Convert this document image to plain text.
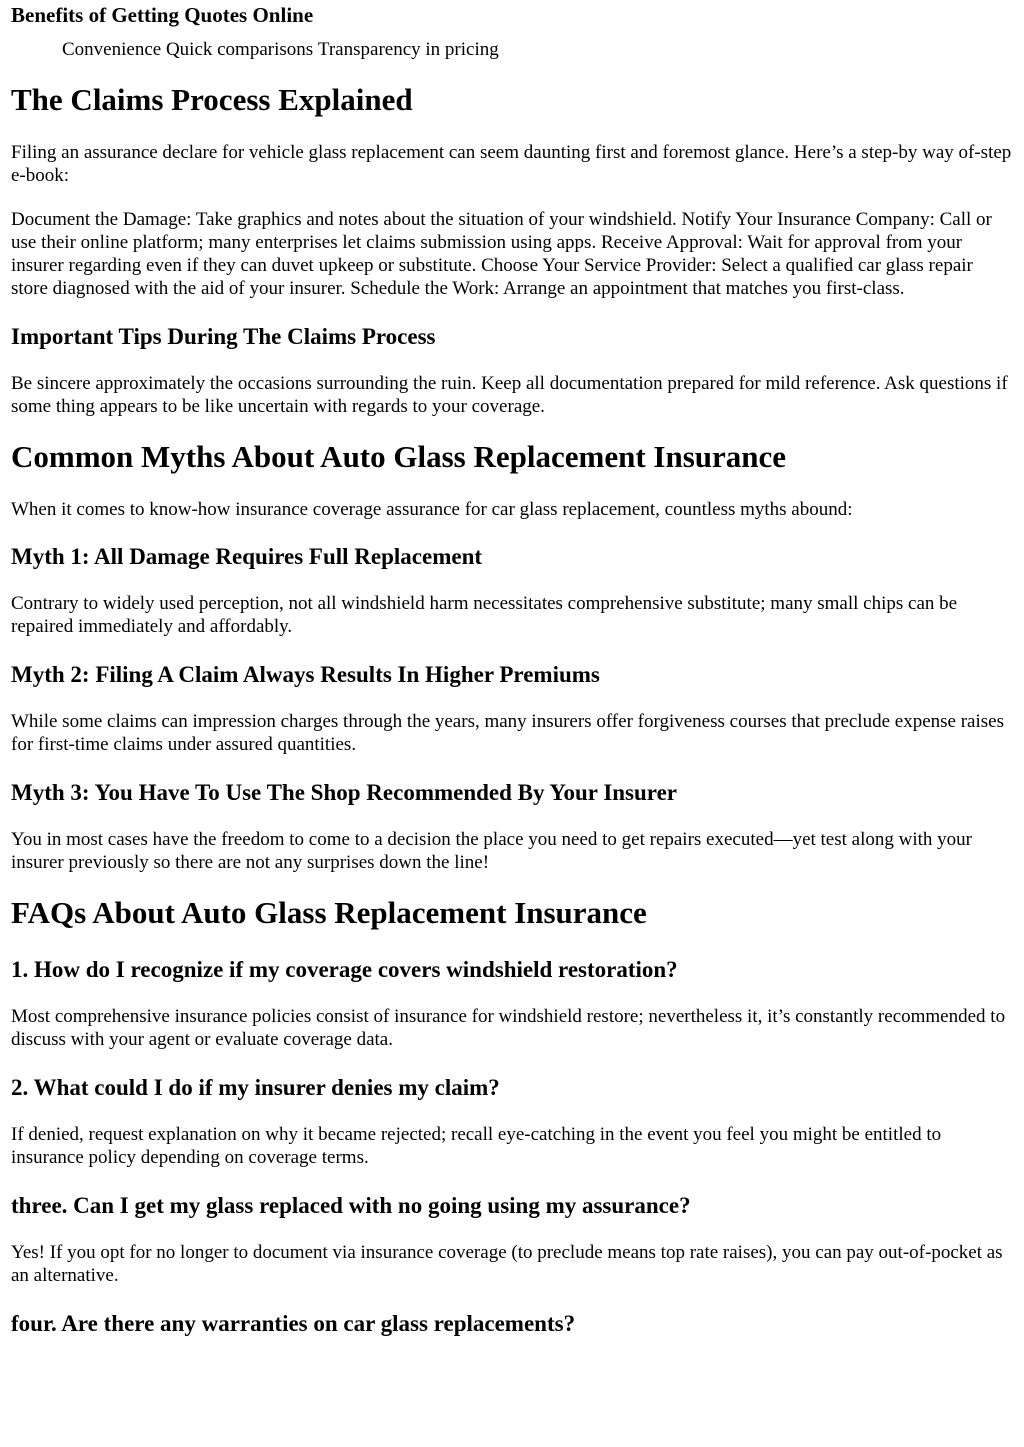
Benefits of Getting Quotes Online
Convenience Quick comparisons Transparency in pricing
The Claims Process Explained

Filing an assurance declare for vehicle glass replacement can seem daunting first and foremost glance. Here’s a step-by way of-step e-book:

Document the Damage: Take graphics and notes about the situation of your windshield. Notify Your Insurance Company: Call or use their online platform; many enterprises let claims submission using apps. Receive Approval: Wait for approval from your insurer regarding even if they can duvet upkeep or substitute. Choose Your Service Provider: Select a qualified car glass repair store diagnosed with the aid of your insurer. Schedule the Work: Arrange an appointment that matches you first-class.

Important Tips During The Claims Process

Be sincere approximately the occasions surrounding the ruin. Keep all documentation prepared for mild reference. Ask questions if some thing appears to be like uncertain with regards to your coverage.

Common Myths About Auto Glass Replacement Insurance

When it comes to know-how insurance coverage assurance for car glass replacement, countless myths abound:

Myth 1: All Damage Requires Full Replacement

Contrary to widely used perception, not all windshield harm necessitates comprehensive substitute; many small chips can be repaired immediately and affordably.

Myth 2: Filing A Claim Always Results In Higher Premiums

While some claims can impression charges through the years, many insurers offer forgiveness courses that preclude expense raises for first-time claims under assured quantities.

Myth 3: You Have To Use The Shop Recommended By Your Insurer

You in most cases have the freedom to come to a decision the place you need to get repairs executed—yet test along with your insurer previously so there are not any surprises down the line!

FAQs About Auto Glass Replacement Insurance
1. How do I recognize if my coverage covers windshield restoration?

Most comprehensive insurance policies consist of insurance for windshield restore; nevertheless it, it’s constantly recommended to discuss with your agent or evaluate coverage data.

2. What could I do if my insurer denies my claim?

If denied, request explanation on why it became rejected; recall eye-catching in the event you feel you might be entitled to insurance policy depending on coverage terms.

three. Can I get my glass replaced with no going using my assurance?

Yes! If you opt for no longer to document via insurance coverage (to preclude means top rate raises), you can pay out-of-pocket as an alternative.

four. Are there any warranties on car glass replacements?
